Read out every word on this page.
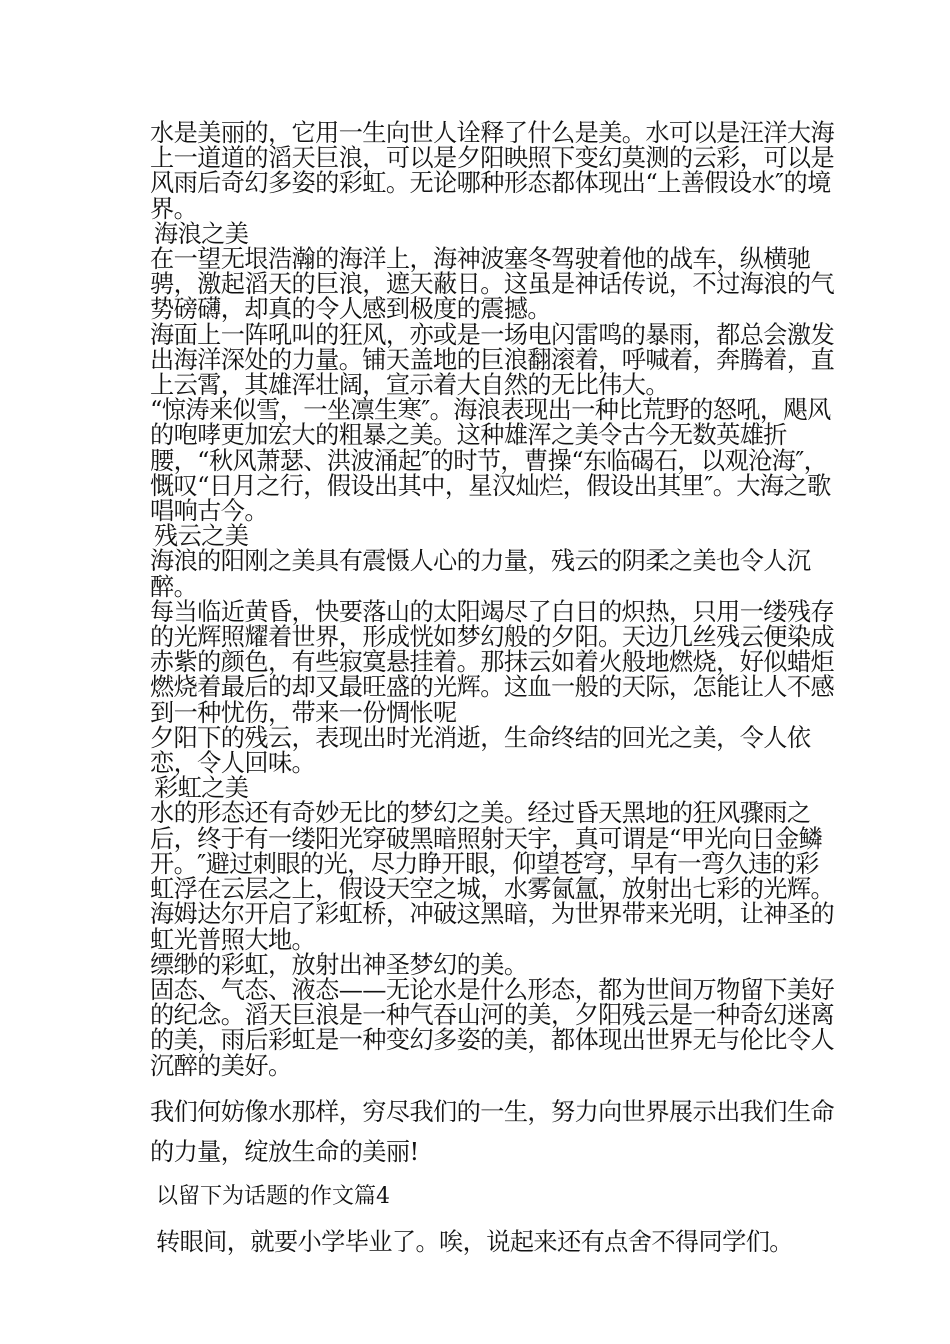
水是美丽的，它用一生向世人诠释了什么是美。水可以是汪洋大海上一道道的滔天巨浪，可以是夕阳映照下变幻莫测的云彩，可以是风雨后奇幻多姿的彩虹。无论哪种形态都体现出“上善假设水″的境界。

海浪之美

在一望无垠浩瀚的海洋上，海神波塞冬驾驶着他的战车，纵横驰骋，激起滔天的巨浪，遮天蔽日。这虽是神话传说，不过海浪的气势磅礴，却真的令人感到极度的震撼。

海面上一阵吼叫的狂风，亦或是一场电闪雷鸣的暴雨，都总会激发出海洋深处的力量。铺天盖地的巨浪翻滚着，呼喊着，奔腾着，直上云霄，其雄浑壮阔，宣示着大自然的无比伟大。

“惊涛来似雪，一坐凛生寒″。海浪表现出一种比荒野的怒吼，飓风的咆哮更加宏大的粗暴之美。这种雄浑之美令古今无数英雄折腰，“秋风萧瑟、洪波涌起″的时节，曹操“东临碣石，以观沧海″，慨叹“日月之行，假设出其中，星汉灿烂，假设出其里″。大海之歌唱响古今。

残云之美

海浪的阳刚之美具有震慑人心的力量，残云的阴柔之美也令人沉醉。

每当临近黄昏，快要落山的太阳竭尽了白日的炽热，只用一缕残存的光辉照耀着世界，形成恍如梦幻般的夕阳。天边几丝残云便染成赤紫的颜色，有些寂寞悬挂着。那抹云如着火般地燃烧，好似蜡炬燃烧着最后的却又最旺盛的光辉。这血一般的天际，怎能让人不感到一种忧伤，带来一份惆怅呢

夕阳下的残云，表现出时光消逝，生命终结的回光之美，令人依恋，令人回味。

彩虹之美

水的形态还有奇妙无比的梦幻之美。经过昏天黑地的狂风骤雨之后，终于有一缕阳光穿破黑暗照射天宇，真可谓是“甲光向日金鳞开。″避过刺眼的光，尽力睁开眼，仰望苍穹，早有一弯久违的彩虹浮在云层之上，假设天空之城，水雾氤氲，放射出七彩的光辉。海姆达尔开启了彩虹桥，冲破这黑暗，为世界带来光明，让神圣的虹光普照大地。

缥缈的彩虹，放射出神圣梦幻的美。

固态、气态、液态——无论水是什么形态，都为世间万物留下美好的纪念。滔天巨浪是一种气吞山河的美，夕阳残云是一种奇幻迷离的美，雨后彩虹是一种变幻多姿的美，都体现出世界无与伦比令人沉醉的美好。

我们何妨像水那样，穷尽我们的一生，努力向世界展示出我们生命的力量，绽放生命的美丽!

以留下为话题的作文篇4
转眼间，就要小学毕业了。唉，说起来还有点舍不得同学们。
